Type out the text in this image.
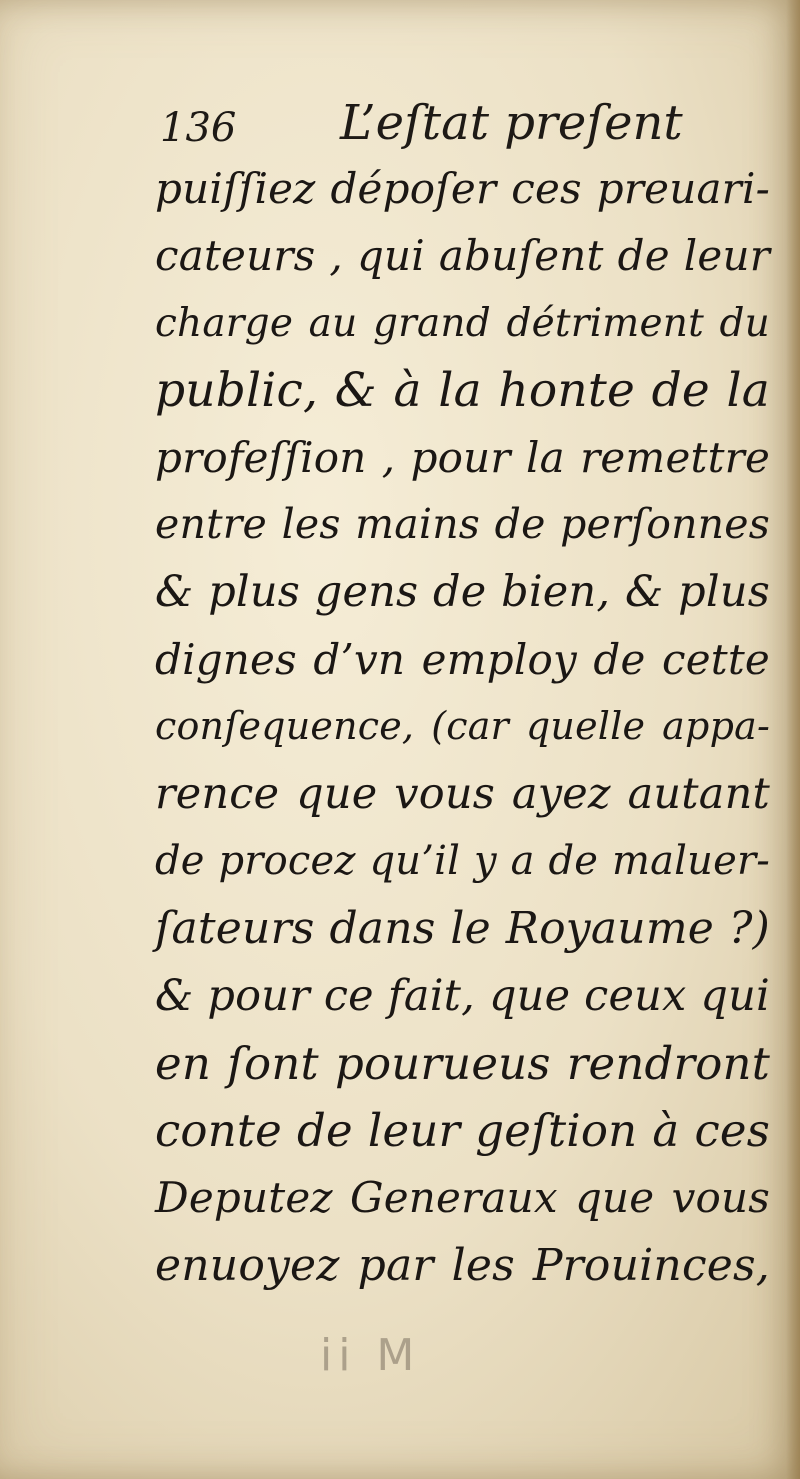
136 L’eſtat preſent
puiſſiez dépoſer ces preuari-
cateurs , qui abuſent de leur
charge au grand détriment du
public, & à la honte de la
profeſſion , pour la remettre
entre les mains de perſonnes
& plus gens de bien, & plus
dignes d’vn employ de cette
conſequence, (car quelle appa-
rence que vous ayez autant
de procez qu’il y a de maluer-
ſateurs dans le Royaume ?)
& pour ce fait, que ceux qui
en ſont pourueus rendront
conte de leur geſtion à ces
Deputez Generaux que vous
enuoyez par les Prouinces,
ii M
